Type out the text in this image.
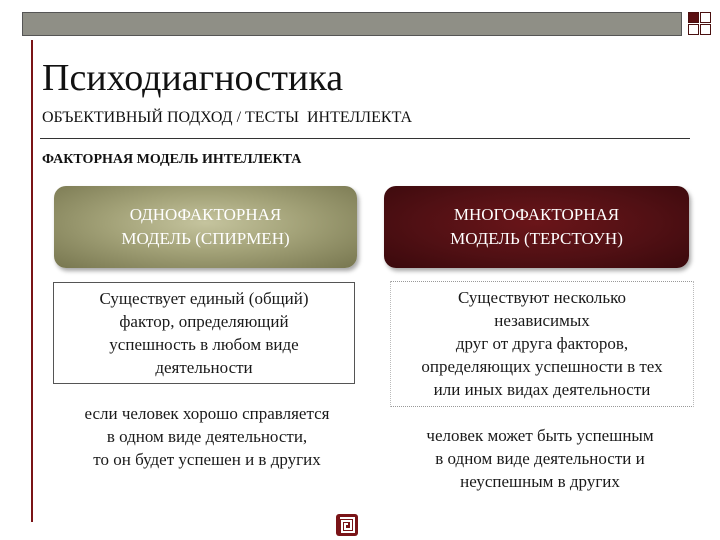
Психодиагностика
ОБЪЕКТИВНЫЙ ПОДХОД / ТЕСТЫ  ИНТЕЛЛЕКТА
ФАКТОРНАЯ МОДЕЛЬ ИНТЕЛЛЕКТА
ОДНОФАКТОРНАЯ
МОДЕЛЬ (СПИРМЕН)
МНОГОФАКТОРНАЯ
МОДЕЛЬ (ТЕРСТОУН)
Существует единый (общий)
фактор, определяющий
успешность в любом виде
деятельности
Существуют несколько
независимых
друг от друга факторов,
определяющих успешности в тех
или иных видах деятельности
если человек хорошо справляется
в одном виде деятельности,
то он будет успешен и в других
человек может быть успешным
в одном виде деятельности и
неуспешным в других
